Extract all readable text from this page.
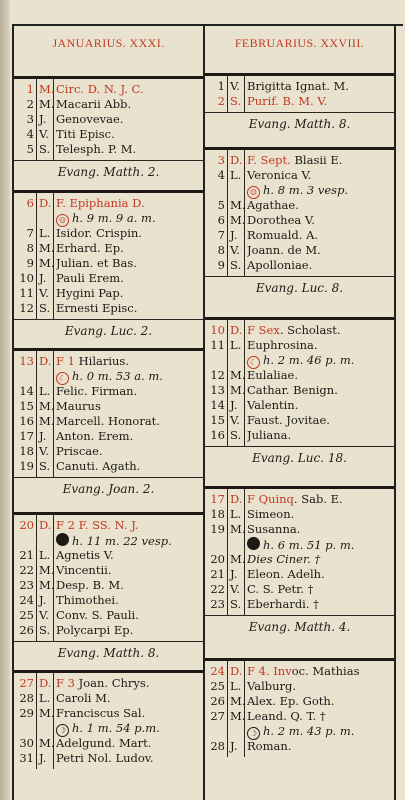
JANUARIUS. XXXI.	FEBRUARIUS. XXVIII.
1 M. Circ. D. N. J. C.
2 M. Macarii Abb.
3 J. Genovevae.
4 V. Titi Episc.
5 S. Telesph. P. M.
Evang. Matth. 2.
6 D. F. Epiphania D.
☺ h. 9 m. 9 a. m.
7 L. Isidor. Crispin.
8 M. Erhard. Ep.
9 M. Julian. et Bas.
10 J. Pauli Erem.
11 V. Hygini Pap.
12 S. Ernesti Episc.
Evang. Luc. 2.
13 D. F 1 Hilarius.
☾ h. 0 m. 53 a. m.
14 L. Felic. Firman.
15 M. Maurus
16 M. Marcell. Honorat.
17 J. Anton. Erem.
18 V. Priscae.
19 S. Canuti. Agath.
Evang. Joan. 2.
20 D. F 2 F. SS. N. J.
h. 11 m. 22 vesp.
21 L. Agnetis V.
22 M. Vincentii.
23 M. Desp. B. M.
24 J. Thimothei.
25 V. Conv. S. Pauli.
26 S. Polycarpi Ep.
Evang. Matth. 8.
27 D. F 3 Joan. Chrys.
28 L. Caroli M.
29 M. Franciscus Sal.
☽ h. 1 m. 54 p.m.
30 M. Adelgund. Mart.
31 J. Petri Nol. Ludov.
1 V. Brigitta Ignat. M.
2 S. Purif. B. M. V.
Evang. Matth. 8.
3 D. F. Sept. Blasii E.
4 L. Veronica V.
☺ h. 8 m. 3 vesp.
5 M. Agathae.
6 M. Dorothea V.
7 J. Romuald. A.
8 V. Joann. de M.
9 S. Apolloniae.
Evang. Luc. 8.
10 D. F Sex. Scholast.
11 L. Euphrosina.
☾ h. 2 m. 46 p. m.
12 M. Eulaliae.
13 M. Cathar. Benign.
14 J. Valentin.
15 V. Faust. Jovitae.
16 S. Juliana.
Evang. Luc. 18.
17 D. F Quinq. Sab. E.
18 L. Simeon.
19 M. Susanna.
h. 6 m. 51 p. m.
20 M. Dies Ciner. †
21 J. Eleon. Adelh.
22 V. C. S. Petr. †
23 S. Eberhardi. †
Evang. Matth. 4.
24 D. F 4. Invoc. Mathias
25 L. Valburg.
26 M. Alex. Ep. Goth.
27 M. Leand. Q. T. †
☽ h. 2 m. 43 p. m.
28 J. Roman.
